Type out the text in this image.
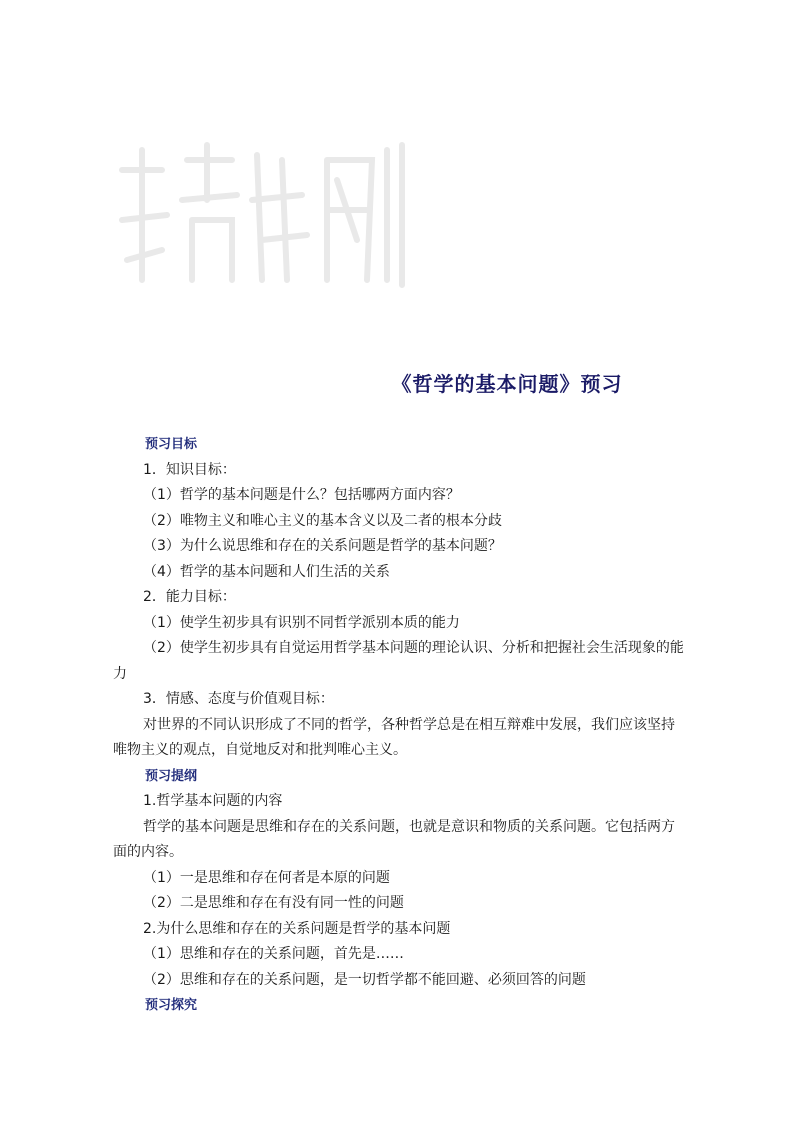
《哲学的基本问题》预习
预习目标
1．知识目标：
（1）哲学的基本问题是什么？包括哪两方面内容？
（2）唯物主义和唯心主义的基本含义以及二者的根本分歧
（3）为什么说思维和存在的关系问题是哲学的基本问题？
（4）哲学的基本问题和人们生活的关系
2．能力目标：
（1）使学生初步具有识别不同哲学派别本质的能力
（2）使学生初步具有自觉运用哲学基本问题的理论认识、分析和把握社会生活现象的能
力
3．情感、态度与价值观目标：
对世界的不同认识形成了不同的哲学，各种哲学总是在相互辩难中发展，我们应该坚持
唯物主义的观点，自觉地反对和批判唯心主义。
预习提纲
1.哲学基本问题的内容
哲学的基本问题是思维和存在的关系问题，也就是意识和物质的关系问题。它包括两方
面的内容。
（1）一是思维和存在何者是本原的问题
（2）二是思维和存在有没有同一性的问题
2.为什么思维和存在的关系问题是哲学的基本问题
（1）思维和存在的关系问题，首先是……
（2）思维和存在的关系问题，是一切哲学都不能回避、必须回答的问题
预习探究
